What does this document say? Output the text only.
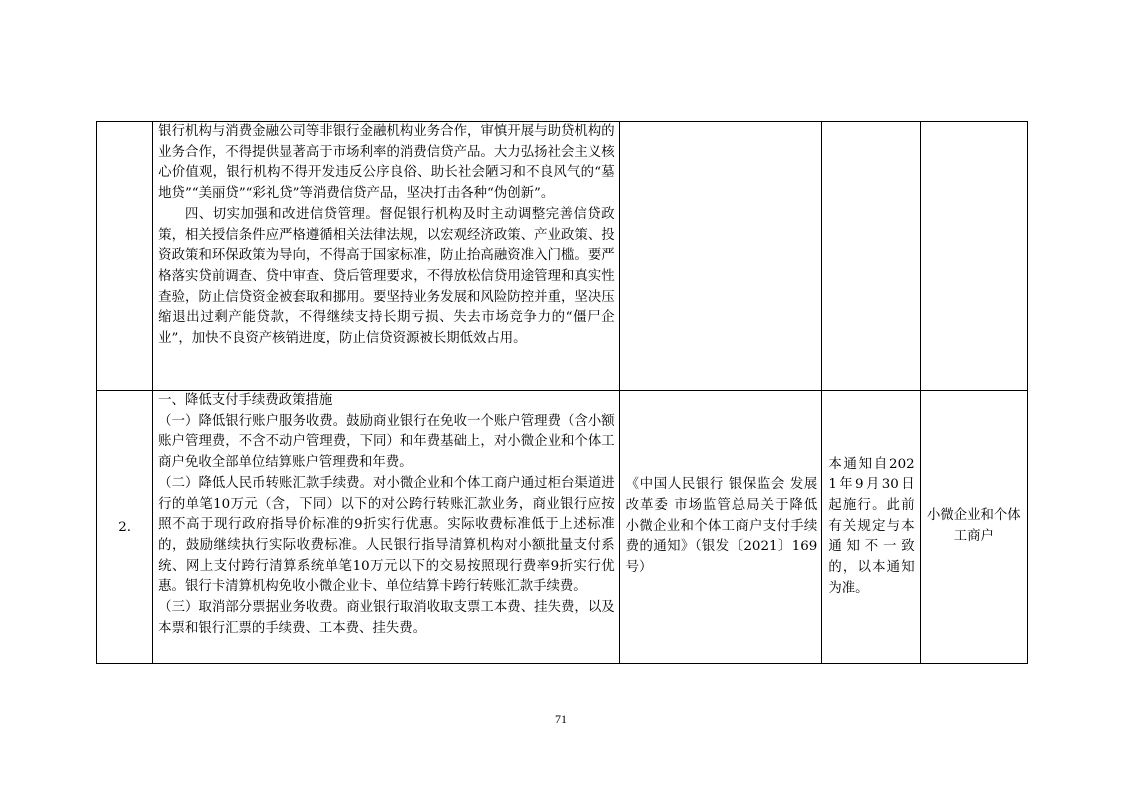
	银行机构与消费金融公司等非银行金融机构业务合作，审慎开展与助贷机构的业务合作，不得提供显著高于市场利率的消费信贷产品。大力弘扬社会主义核心价值观，银行机构不得开发违反公序良俗、助长社会陋习和不良风气的“墓地贷”“美丽贷”“彩礼贷”等消费信贷产品，坚决打击各种“伪创新”。

四、切实加强和改进信贷管理。督促银行机构及时主动调整完善信贷政策，相关授信条件应严格遵循相关法律法规，以宏观经济政策、产业政策、投资政策和环保政策为导向，不得高于国家标准，防止抬高融资准入门槛。要严格落实贷前调查、贷中审查、贷后管理要求，不得放松信贷用途管理和真实性查验，防止信贷资金被套取和挪用。要坚持业务发展和风险防控并重，坚决压缩退出过剩产能贷款，不得继续支持长期亏损、失去市场竞争力的“僵尸企业”，加快不良资产核销进度，防止信贷资源被长期低效占用。			

2.	一、降低支付手续费政策措施

（一）降低银行账户服务收费。鼓励商业银行在免收一个账户管理费（含小额账户管理费，不含不动户管理费，下同）和年费基础上，对小微企业和个体工商户免收全部单位结算账户管理费和年费。

（二）降低人民币转账汇款手续费。对小微企业和个体工商户通过柜台渠道进行的单笔10万元（含，下同）以下的对公跨行转账汇款业务，商业银行应按照不高于现行政府指导价标准的9折实行优惠。实际收费标准低于上述标准的，鼓励继续执行实际收费标准。人民银行指导清算机构对小额批量支付系统、网上支付跨行清算系统单笔10万元以下的交易按照现行费率9折实行优惠。银行卡清算机构免收小微企业卡、单位结算卡跨行转账汇款手续费。

（三）取消部分票据业务收费。商业银行取消收取支票工本费、挂失费，以及本票和银行汇票的手续费、工本费、挂失费。	《中国人民银行 银保监会 发展改革委 市场监管总局关于降低小微企业和个体工商户支付手续费的通知》（银发〔2021〕169号）	本通知自2021年9月30日起施行。此前有关规定与本通知不一致的，以本通知为准。	小微企业和个体工商户

71
